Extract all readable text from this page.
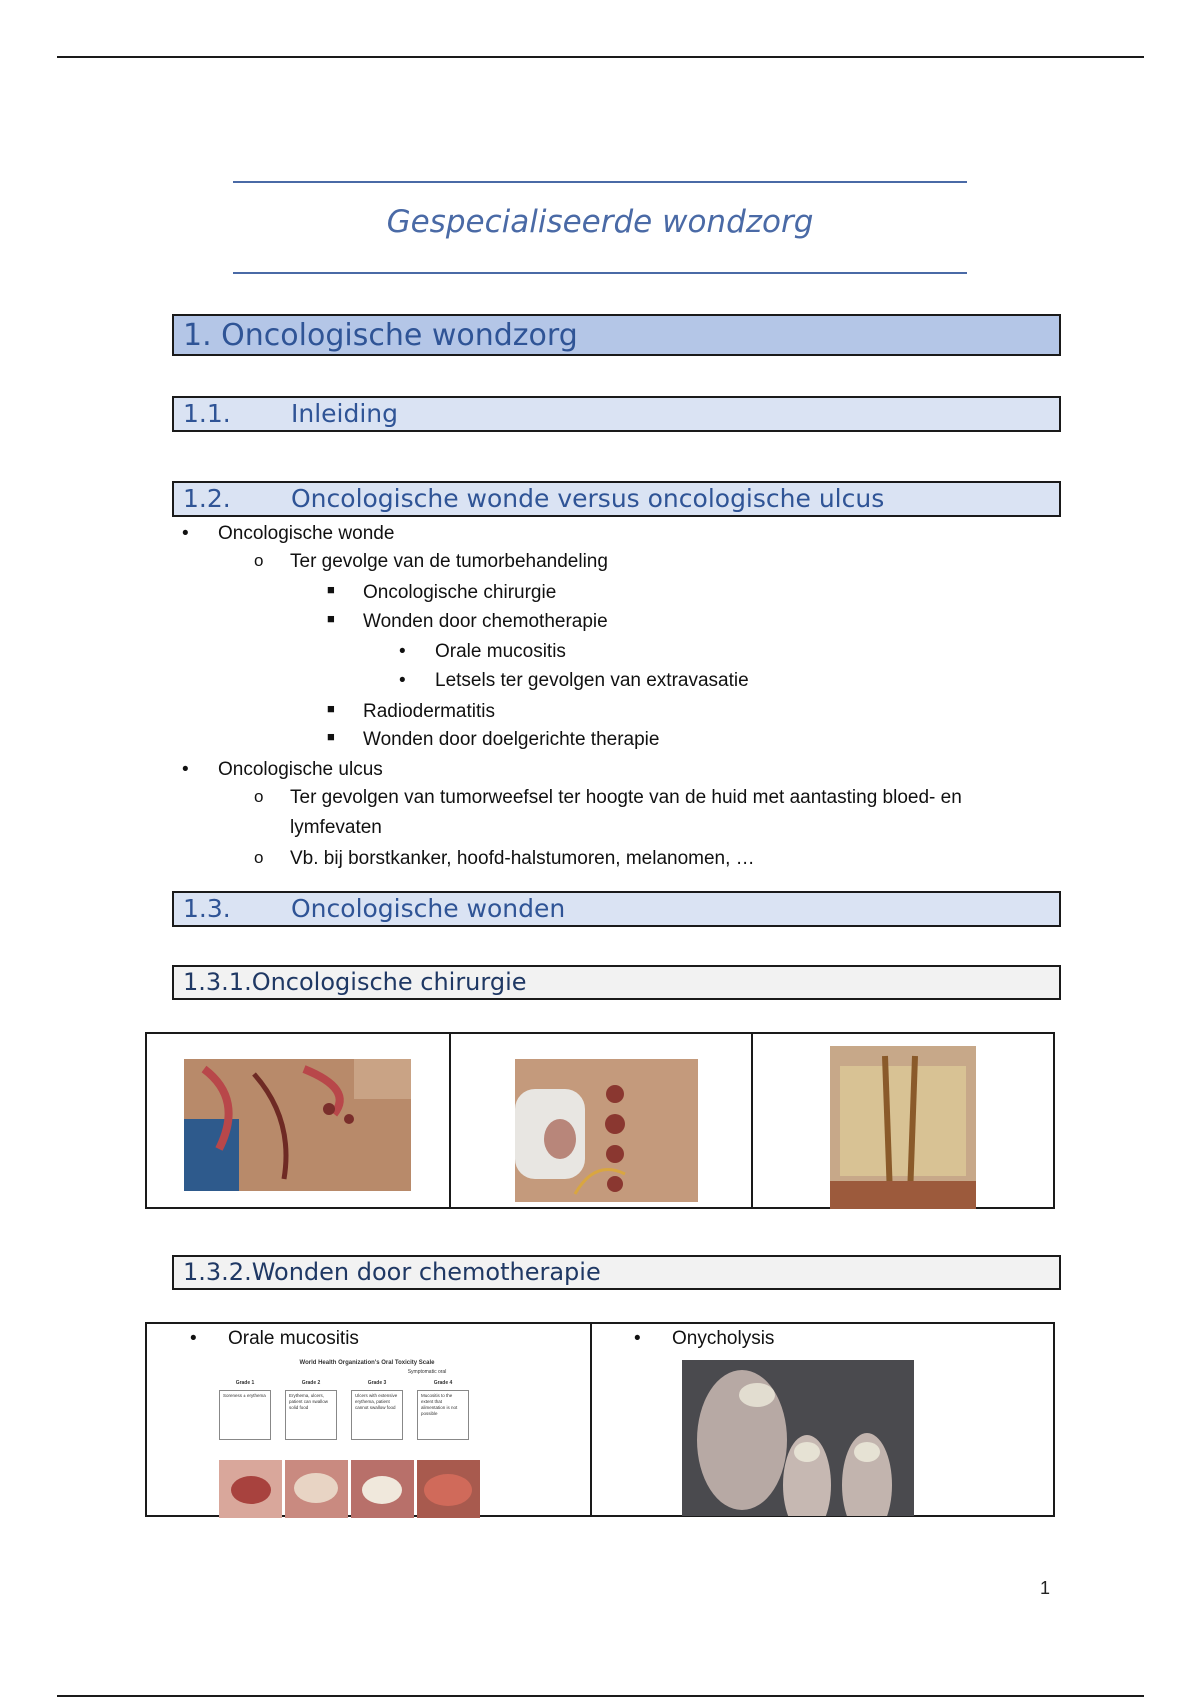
Gespecialiseerde wondzorg
1. Oncologische wondzorg
1.1. Inleiding
1.2. Oncologische wonde versus oncologische ulcus
• Oncologische wonde
o Ter gevolge van de tumorbehandeling
■ Oncologische chirurgie
■ Wonden door chemotherapie
• Orale mucositis
• Letsels ter gevolgen van extravasatie
■ Radiodermatitis
■ Wonden door doelgerichte therapie
• Oncologische ulcus
o Ter gevolgen van tumorweefsel ter hoogte van de huid met aantasting bloed- en
lymfevaten
o Vb. bij borstkanker, hoofd-halstumoren, melanomen, …
1.3. Oncologische wonden
1.3.1.Oncologische chirurgie
1.3.2.Wonden door chemotherapie
• Orale mucositis	• Onycholysis
World Health Organization's Oral Toxicity Scale
Symptomatic oral
Grade 1
Soreness ± erythema
Grade 2
Erythema, ulcers, patient can swallow solid food
Grade 3
Ulcers with extensive erythema, patient cannot swallow food
Grade 4
Mucositis to the extent that alimentation is not possible
1
